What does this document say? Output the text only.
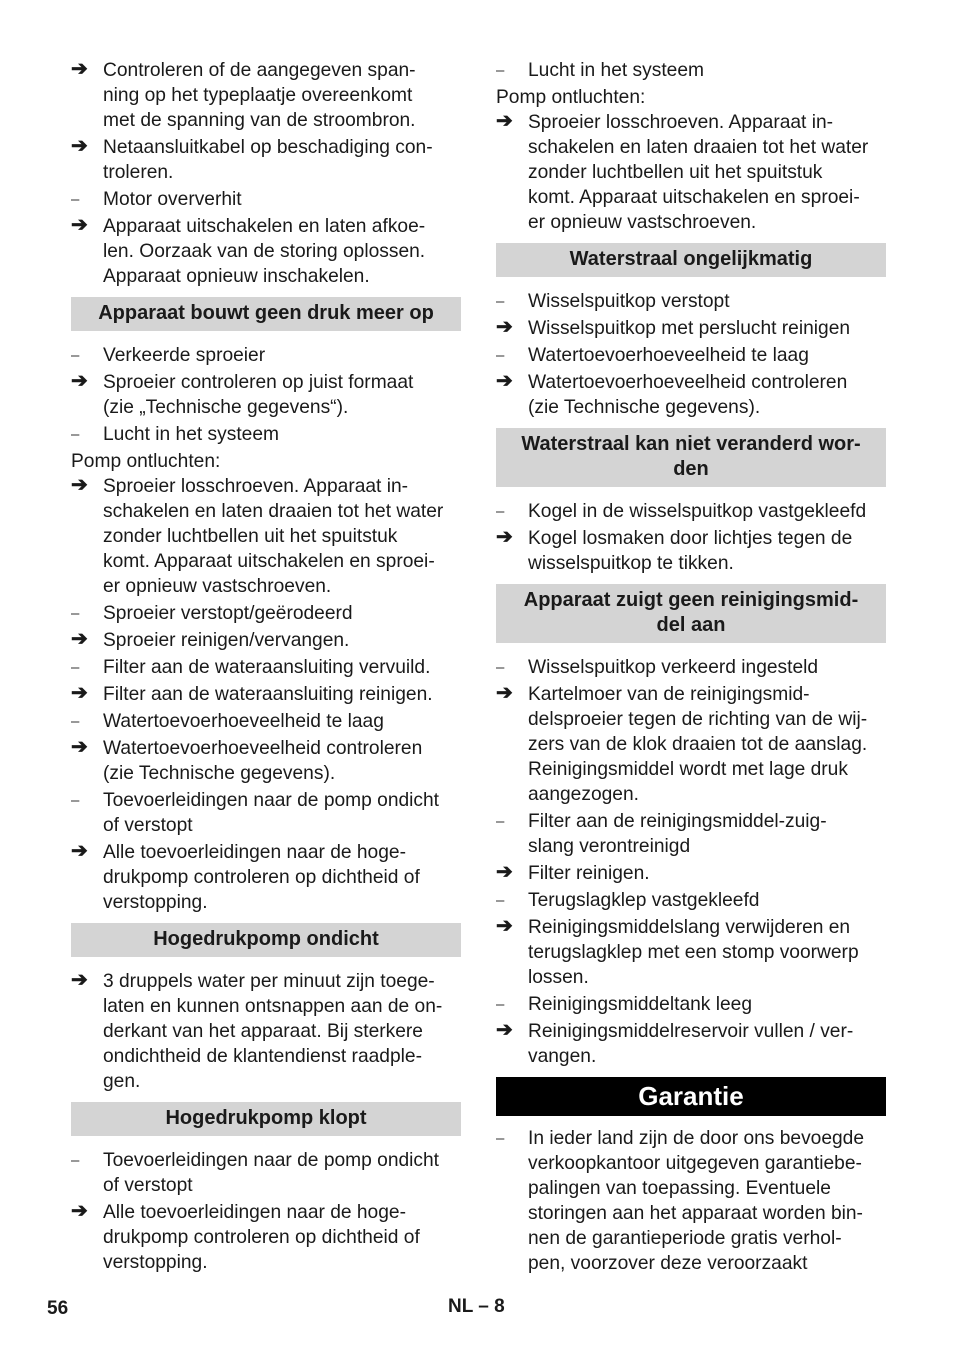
➔ Controleren of de aangegeven span-
ning op het typeplaatje overeenkomt
met de spanning van de stroombron.
➔ Netaansluitkabel op beschadiging con-
troleren.
–	Motor oververhit
➔ Apparaat uitschakelen en laten afkoe-
len. Oorzaak van de storing oplossen.
Apparaat opnieuw inschakelen.
Apparaat bouwt geen druk meer op
–	Verkeerde sproeier
➔ Sproeier controleren op juist formaat
(zie „Technische gegevens“).
–	Lucht in het systeem
Pomp ontluchten:
➔ Sproeier losschroeven. Apparaat in-
schakelen en laten draaien tot het water
zonder luchtbellen uit het spuitstuk
komt. Apparaat uitschakelen en sproei-
er opnieuw vastschroeven.
–	Sproeier verstopt/geërodeerd
➔ Sproeier reinigen/vervangen.
–	Filter aan de wateraansluiting vervuild.
➔ Filter aan de wateraansluiting reinigen.
–	Watertoevoerhoeveelheid te laag
➔ Watertoevoerhoeveelheid controleren
(zie Technische gegevens).
–	Toevoerleidingen naar de pomp ondicht
of verstopt
➔ Alle toevoerleidingen naar de hoge-
drukpomp controleren op dichtheid of
verstopping.
Hogedrukpomp ondicht
➔ 3 druppels water per minuut zijn toege-
laten en kunnen ontsnappen aan de on-
derkant van het apparaat. Bij sterkere
ondichtheid de klantendienst raadple-
gen.
Hogedrukpomp klopt
–	Toevoerleidingen naar de pomp ondicht
of verstopt
➔ Alle toevoerleidingen naar de hoge-
drukpomp controleren op dichtheid of
verstopping.
–	Lucht in het systeem
Pomp ontluchten:
➔ Sproeier losschroeven. Apparaat in-
schakelen en laten draaien tot het water
zonder luchtbellen uit het spuitstuk
komt. Apparaat uitschakelen en sproei-
er opnieuw vastschroeven.
Waterstraal ongelijkmatig
–	Wisselspuitkop verstopt
➔ Wisselspuitkop met perslucht reinigen
–	Watertoevoerhoeveelheid te laag
➔ Watertoevoerhoeveelheid controleren
(zie Technische gegevens).
Waterstraal kan niet veranderd wor-
den
–	Kogel in de wisselspuitkop vastgekleefd
➔ Kogel losmaken door lichtjes tegen de
wisselspuitkop te tikken.
Apparaat zuigt geen reinigingsmid-
del aan
–	Wisselspuitkop verkeerd ingesteld
➔ Kartelmoer van de reinigingsmid-
delsproeier tegen de richting van de wij-
zers van de klok draaien tot de aanslag.
Reinigingsmiddel wordt met lage druk
aangezogen.
–	Filter aan de reinigingsmiddel-zuig-
slang verontreinigd
➔ Filter reinigen.
–	Terugslagklep vastgekleefd
➔ Reinigingsmiddelslang verwijderen en
terugslagklep met een stomp voorwerp
lossen.
–	Reinigingsmiddeltank leeg
➔ Reinigingsmiddelreservoir vullen / ver-
vangen.
Garantie
–	In ieder land zijn de door ons bevoegde
verkoopkantoor uitgegeven garantiebe-
palingen van toepassing. Eventuele
storingen aan het apparaat worden bin-
nen de garantieperiode gratis verhol-
pen, voorzover deze veroorzaakt
56	NL – 8
